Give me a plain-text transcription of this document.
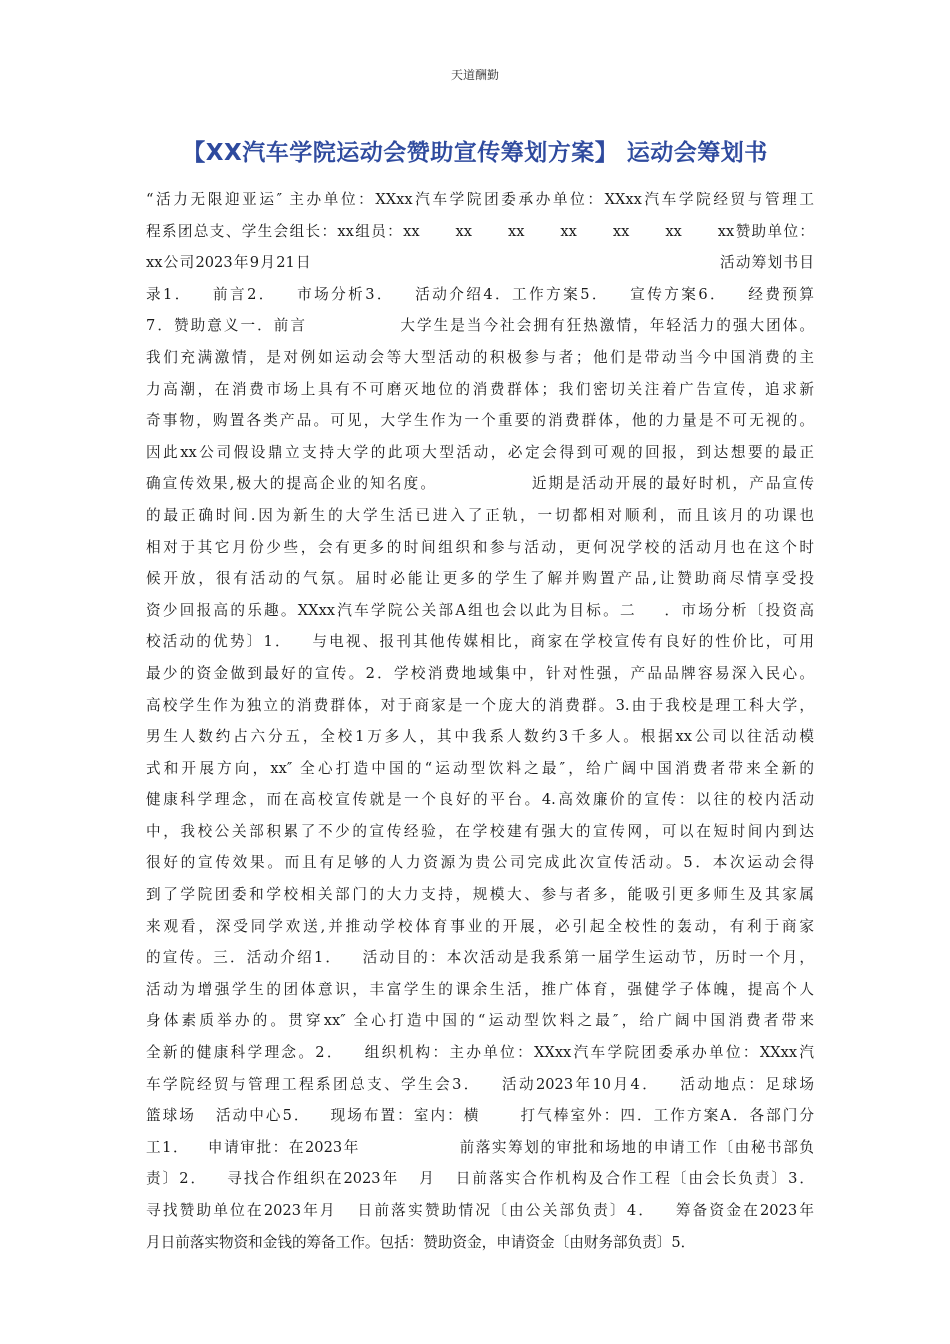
天道酬勤
【XX汽车学院运动会赞助宣传筹划方案】 运动会筹划书
“活力无限迎亚运″ 主办单位：XXxx汽车学院团委承办单位：XXxx汽车学院经贸与管理工
程系团总支、学生会组长：xx组员：xx      xx      xx      xx      xx      xx      xx赞助单位：
xx公司2023年9月21日                                                                     活动筹划书目
录1．   前言2．   市场分析3．   活动介绍4．工作方案5．   宣传方案6．   经费预算
7．赞助意义一．前言              大学生是当今社会拥有狂热激情，年轻活力的强大团体。
我们充满激情，是对例如运动会等大型活动的积极参与者；他们是带动当今中国消费的主
力高潮，在消费市场上具有不可磨灭地位的消费群体；我们密切关注着广告宣传，追求新
奇事物，购置各类产品。可见，大学生作为一个重要的消费群体，他的力量是不可无视的。
因此xx公司假设鼎立支持大学的此项大型活动，必定会得到可观的回报，到达想要的最正
确宣传效果,极大的提高企业的知名度。              近期是活动开展的最好时机，产品宣传
的最正确时间.因为新生的大学生活已进入了正轨，一切都相对顺利，而且该月的功课也
相对于其它月份少些，会有更多的时间组织和参与活动，更何况学校的活动月也在这个时
候开放，很有活动的气氛。届时必能让更多的学生了解并购置产品,让赞助商尽情享受投
资少回报高的乐趣。XXxx汽车学院公关部A组也会以此为目标。二    ．市场分析〔投资高
校活动的优势〕1．   与电视、报刊其他传媒相比，商家在学校宣传有良好的性价比，可用
最少的资金做到最好的宣传。2．学校消费地域集中，针对性强，产品品牌容易深入民心。
高校学生作为独立的消费群体，对于商家是一个庞大的消费群。3.由于我校是理工科大学，
男生人数约占六分五，全校1万多人，其中我系人数约3千多人。根据xx公司以往活动模
式和开展方向，xx″ 全心打造中国的“运动型饮料之最″，给广阔中国消费者带来全新的
健康科学理念，而在高校宣传就是一个良好的平台。4.高效廉价的宣传：以往的校内活动
中，我校公关部积累了不少的宣传经验，在学校建有强大的宣传网，可以在短时间内到达
很好的宣传效果。而且有足够的人力资源为贵公司完成此次宣传活动。5．本次运动会得
到了学院团委和学校相关部门的大力支持，规模大、参与者多，能吸引更多师生及其家属
来观看，深受同学欢送,并推动学校体育事业的开展，必引起全校性的轰动，有利于商家
的宣传。三．活动介绍1．   活动目的：本次活动是我系第一届学生运动节，历时一个月，
活动为增强学生的团体意识，丰富学生的课余生活，推广体育，强健学子体魄，提高个人
身体素质举办的。贯穿xx″ 全心打造中国的“运动型饮料之最″，给广阔中国消费者带来
全新的健康科学理念。2．   组织机构：主办单位：XXxx汽车学院团委承办单位：XXxx汽
车学院经贸与管理工程系团总支、学生会3．   活动2023年10月4．   活动地点：足球场
篮球场   活动中心5．   现场布置：室内：横      打气棒室外：四．工作方案A．各部门分
工1．   申请审批：在2023年                前落实筹划的审批和场地的申请工作〔由秘书部负
责〕2．   寻找合作组织在2023年   月   日前落实合作机构及合作工程〔由会长负责〕3．
寻找赞助单位在2023年月   日前落实赞助情况〔由公关部负责〕4．   筹备资金在2023年
月日前落实物资和金钱的筹备工作。包括：赞助资金，申请资金〔由财务部负责〕5．
